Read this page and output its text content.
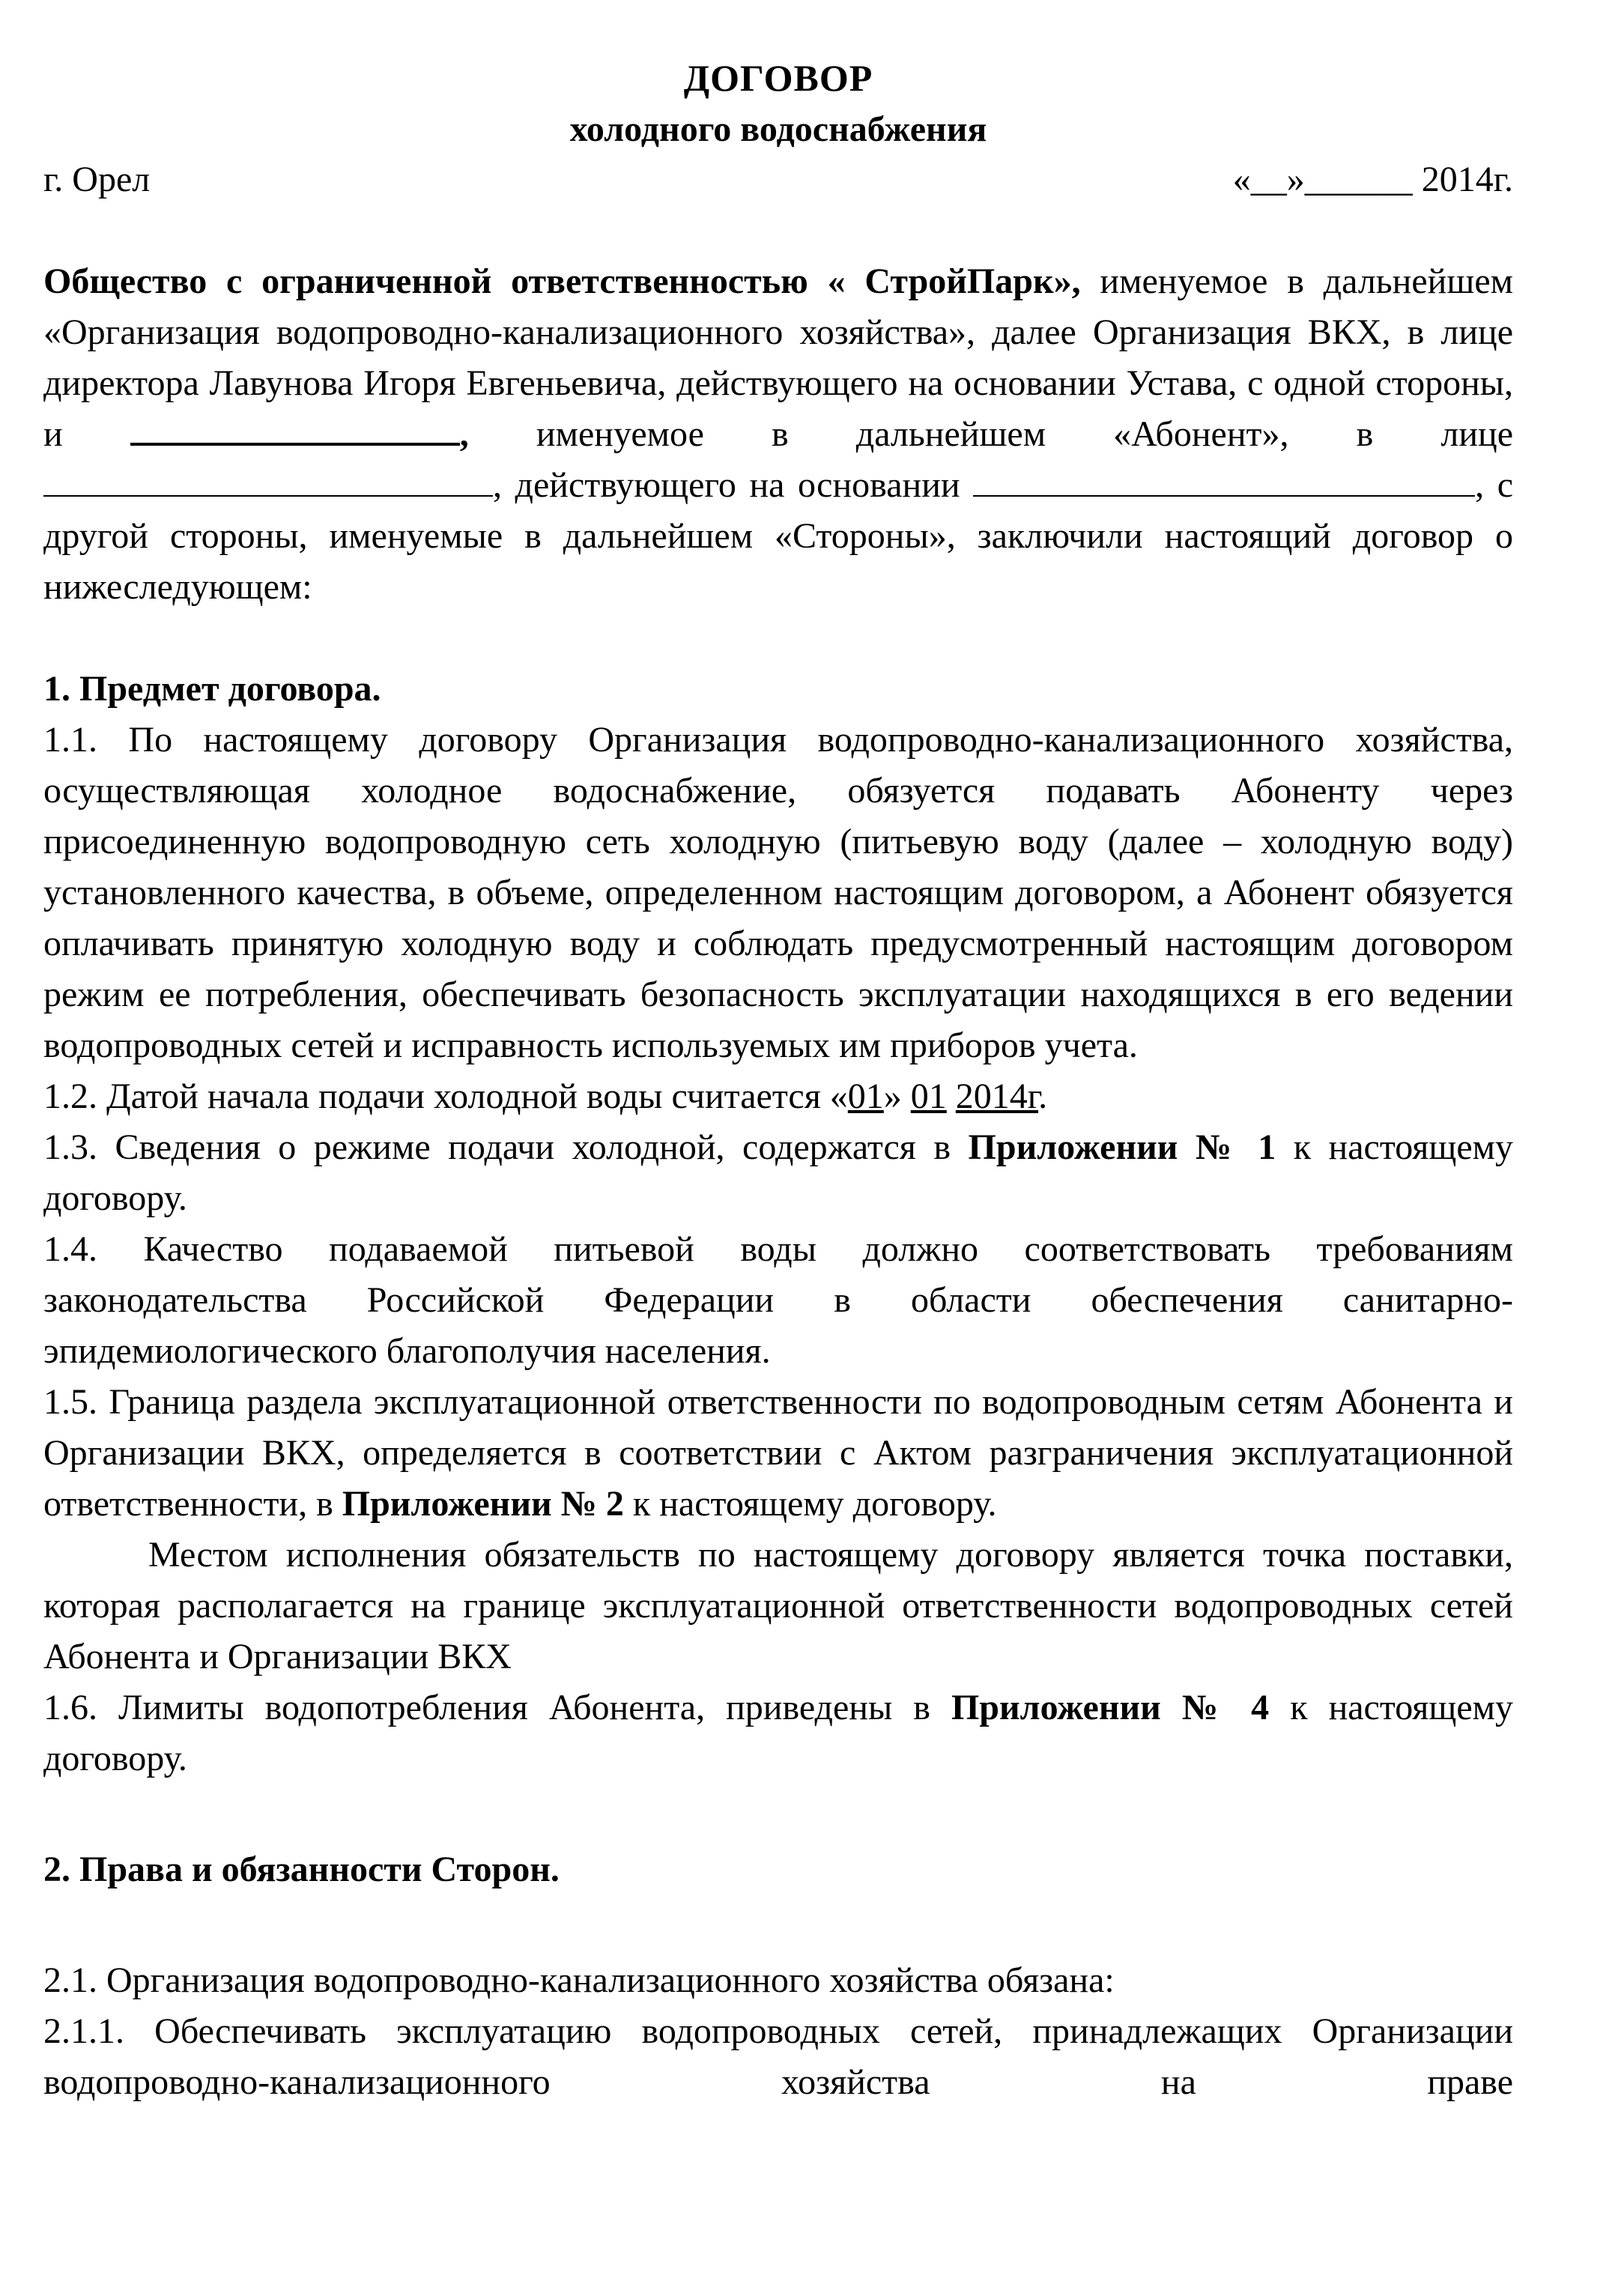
ДОГОВОР

холодного водоснабжения

г. Орел	«__»______ 2014г.

Общество с ограниченной ответственностью « СтройПарк», именуемое в дальнейшем «Организация водопроводно-канализационного хозяйства», далее Организация ВКХ, в лице директора Лавунова Игоря Евгеньевича, действующего на основании Устава, с одной стороны, и	, именуемое в дальнейшем «Абонент», в лице , действующего на основании	, с другой стороны, именуемые в дальнейшем «Стороны», заключили настоящий договор о нижеследующем:

1. Предмет договора.

1.1. По настоящему договору Организация водопроводно-канализационного хозяйства, осуществляющая холодное водоснабжение, обязуется подавать Абоненту через присоединенную водопроводную сеть холодную (питьевую воду (далее – холодную воду) установленного качества, в объеме, определенном настоящим договором, а Абонент обязуется оплачивать принятую холодную воду и соблюдать предусмотренный настоящим договором режим ее потребления, обеспечивать безопасность эксплуатации находящихся в его ведении водопроводных сетей и исправность используемых им приборов учета.

1.2. Датой начала подачи холодной воды считается «01» 01 2014г.

1.3. Сведения о режиме подачи холодной, содержатся в Приложении № 1 к настоящему договору.

1.4. Качество подаваемой питьевой воды должно соответствовать требованиям законодательства Российской Федерации в области обеспечения санитарно-эпидемиологического благополучия населения.

1.5. Граница раздела эксплуатационной ответственности по водопроводным сетям Абонента и Организации ВКХ, определяется в соответствии с Актом разграничения эксплуатационной ответственности, в Приложении № 2 к настоящему договору.

Местом исполнения обязательств по настоящему договору является точка поставки, которая располагается на границе эксплуатационной ответственности водопроводных сетей Абонента и Организации ВКХ

1.6. Лимиты водопотребления Абонента, приведены в Приложении № 4 к настоящему договору.

2. Права и обязанности Сторон.

2.1. Организация водопроводно-канализационного хозяйства обязана:

2.1.1. Обеспечивать эксплуатацию водопроводных сетей, принадлежащих Организации водопроводно-канализационного хозяйства на праве
